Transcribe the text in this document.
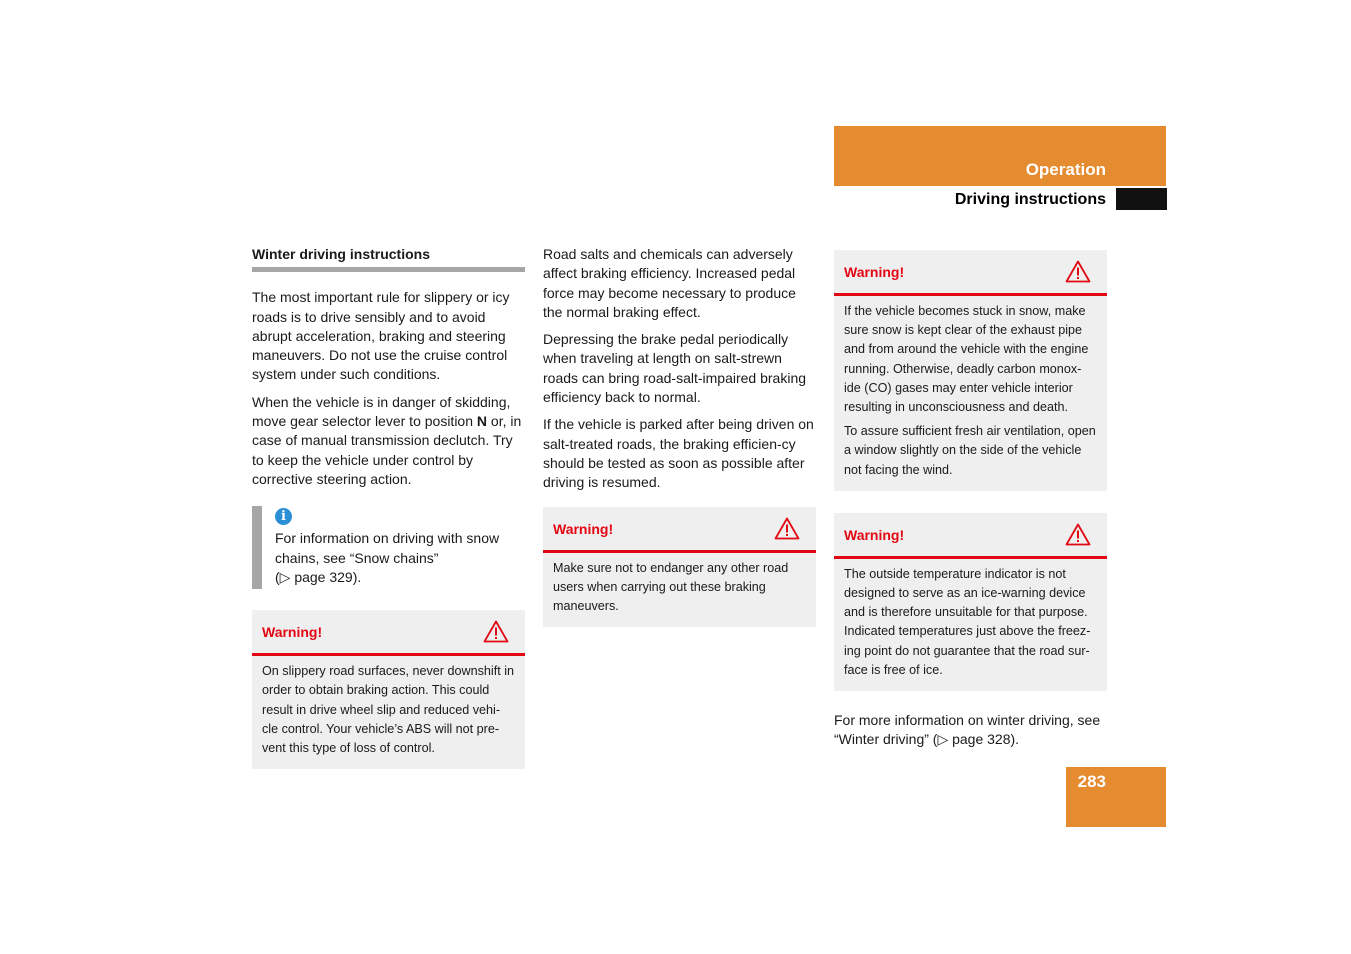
Operation
Driving instructions
Winter driving instructions

The most important rule for slippery or icy roads is to drive sensibly and to avoid abrupt acceleration, braking and steering maneuvers. Do not use the cruise control system under such conditions.

When the vehicle is in danger of skidding, move gear selector lever to position N or, in case of manual transmission declutch. Try to keep the vehicle under control by corrective steering action.

i
For information on driving with snow chains, see “Snow chains”
(▷ page 329).
Warning!

On slippery road surfaces, never downshift in order to obtain braking action. This could result in drive wheel slip and reduced vehi-cle control. Your vehicle’s ABS will not pre-vent this type of loss of control.

Road salts and chemicals can adversely affect braking efficiency. Increased pedal force may become necessary to produce the normal braking effect.

Depressing the brake pedal periodically when traveling at length on salt-strewn roads can bring road-salt-impaired braking efficiency back to normal.

If the vehicle is parked after being driven on salt-treated roads, the braking efficien-cy should be tested as soon as possible after driving is resumed.

Warning!

Make sure not to endanger any other road users when carrying out these braking maneuvers.

Warning!

If the vehicle becomes stuck in snow, make sure snow is kept clear of the exhaust pipe and from around the vehicle with the engine running. Otherwise, deadly carbon monox-ide (CO) gases may enter vehicle interior resulting in unconsciousness and death.

To assure sufficient fresh air ventilation, open a window slightly on the side of the vehicle not facing the wind.

Warning!

The outside temperature indicator is not designed to serve as an ice-warning device and is therefore unsuitable for that purpose. Indicated temperatures just above the freez-ing point do not guarantee that the road sur-face is free of ice.

For more information on winter driving, see “Winter driving” (▷ page 328).

283
